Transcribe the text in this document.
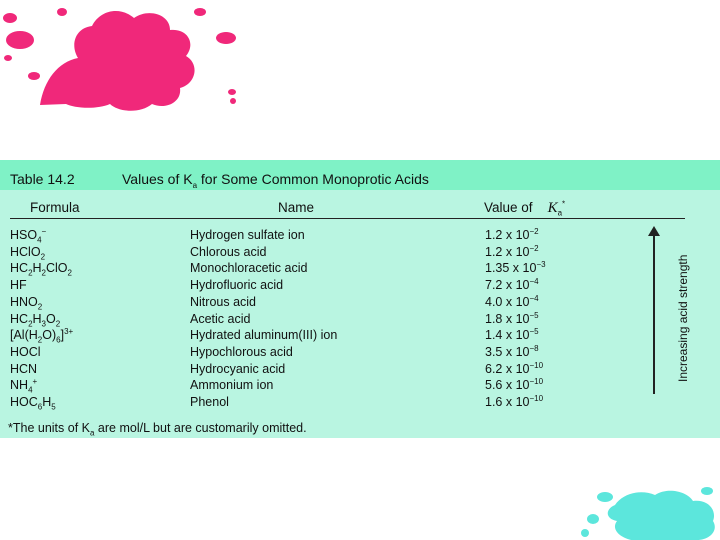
Table 14.2	Values of $K_a$ for Some Common Monoprotic Acids
Formula	Name	Value of $K_a^*$
$HSO_4^-$	Hydrogen sulfate ion	1.2 x $10^{-2}$
HClO$_2$	Chlorous acid	1.2 x $10^{-2}$
$HC_2H_2ClO_2$	Monochloracetic acid	1.35 x $10^{-3}$
HF	Hydrofluoric acid	7.2 x $10^{-4}$
$HNO_2$	Nitrous acid	4.0 x $10^{-4}$
$HC_2H_3O_2$	Acetic acid	1.8 x $10^{-5}$
$[Al(H_2O)_6]^{3+}$	Hydrated aluminum(III) ion	1.4 x $10^{-5}$
HOCl	Hypochlorous acid	3.5 x $10^{-8}$
HCN	Hydrocyanic acid	6.2 x $10^{-10}$
$NH_4^+$	Ammonium ion	5.6 x $10^{-10}$
$HOC_6H_5$	Phenol	1.6 x $10^{-10}$
Increasing acid strength
*The units of $K_a$ are mol/L but are customarily omitted.
